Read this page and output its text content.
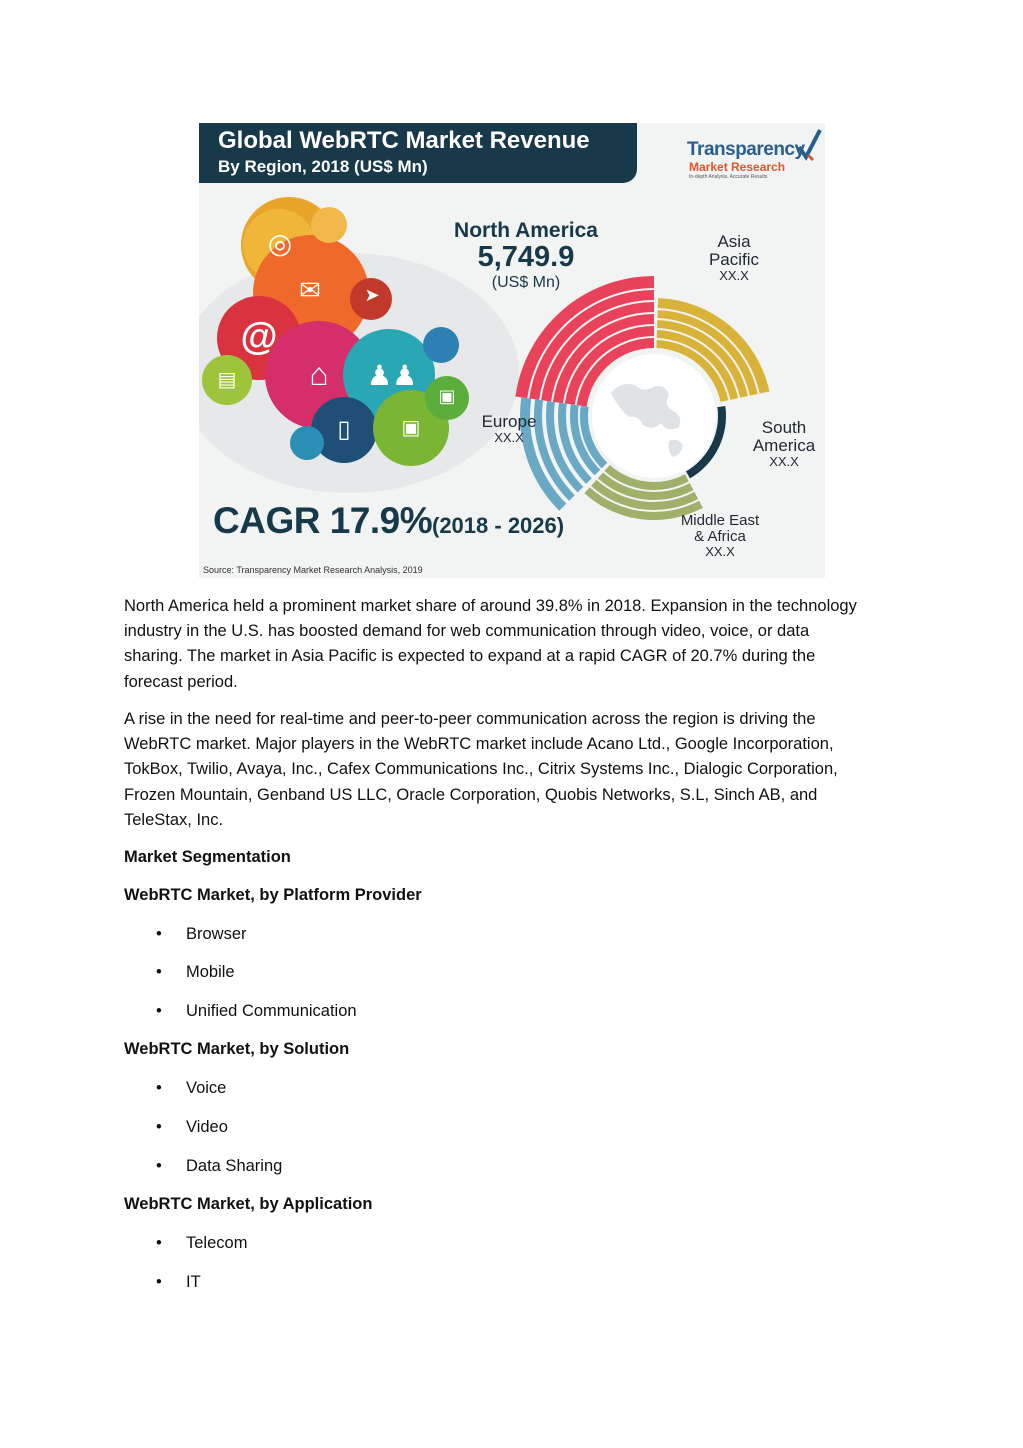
Global WebRTC Market Revenue
By Region, 2018 (US$ Mn)
Transparency
Market Research
In-depth Analysis. Accurate Results
◎
✉	➤
@
▤	⌂	♟♟
▣
▯	▣
North America
5,749.9
(US$ Mn)
Asia
Pacific
XX.X
South
America
XX.X
Middle East
& Africa
XX.X
Europe
XX.X
CAGR 17.9% (2018 - 2026)
Source: Transparency Market Research Analysis, 2019
North America held a prominent market share of around 39.8% in 2018. Expansion in the technology
industry in the U.S. has boosted demand for web communication through video, voice, or data
sharing. The market in Asia Pacific is expected to expand at a rapid CAGR of 20.7% during the
forecast period.
A rise in the need for real-time and peer-to-peer communication across the region is driving the
WebRTC market. Major players in the WebRTC market include Acano Ltd., Google Incorporation,
TokBox, Twilio, Avaya, Inc., Cafex Communications Inc., Citrix Systems Inc., Dialogic Corporation,
Frozen Mountain, Genband US LLC, Oracle Corporation, Quobis Networks, S.L, Sinch AB, and
TeleStax, Inc.
Market Segmentation
WebRTC Market, by Platform Provider
• Browser
• Mobile
• Unified Communication
WebRTC Market, by Solution
• Voice
• Video
• Data Sharing
WebRTC Market, by Application
• Telecom
• IT
